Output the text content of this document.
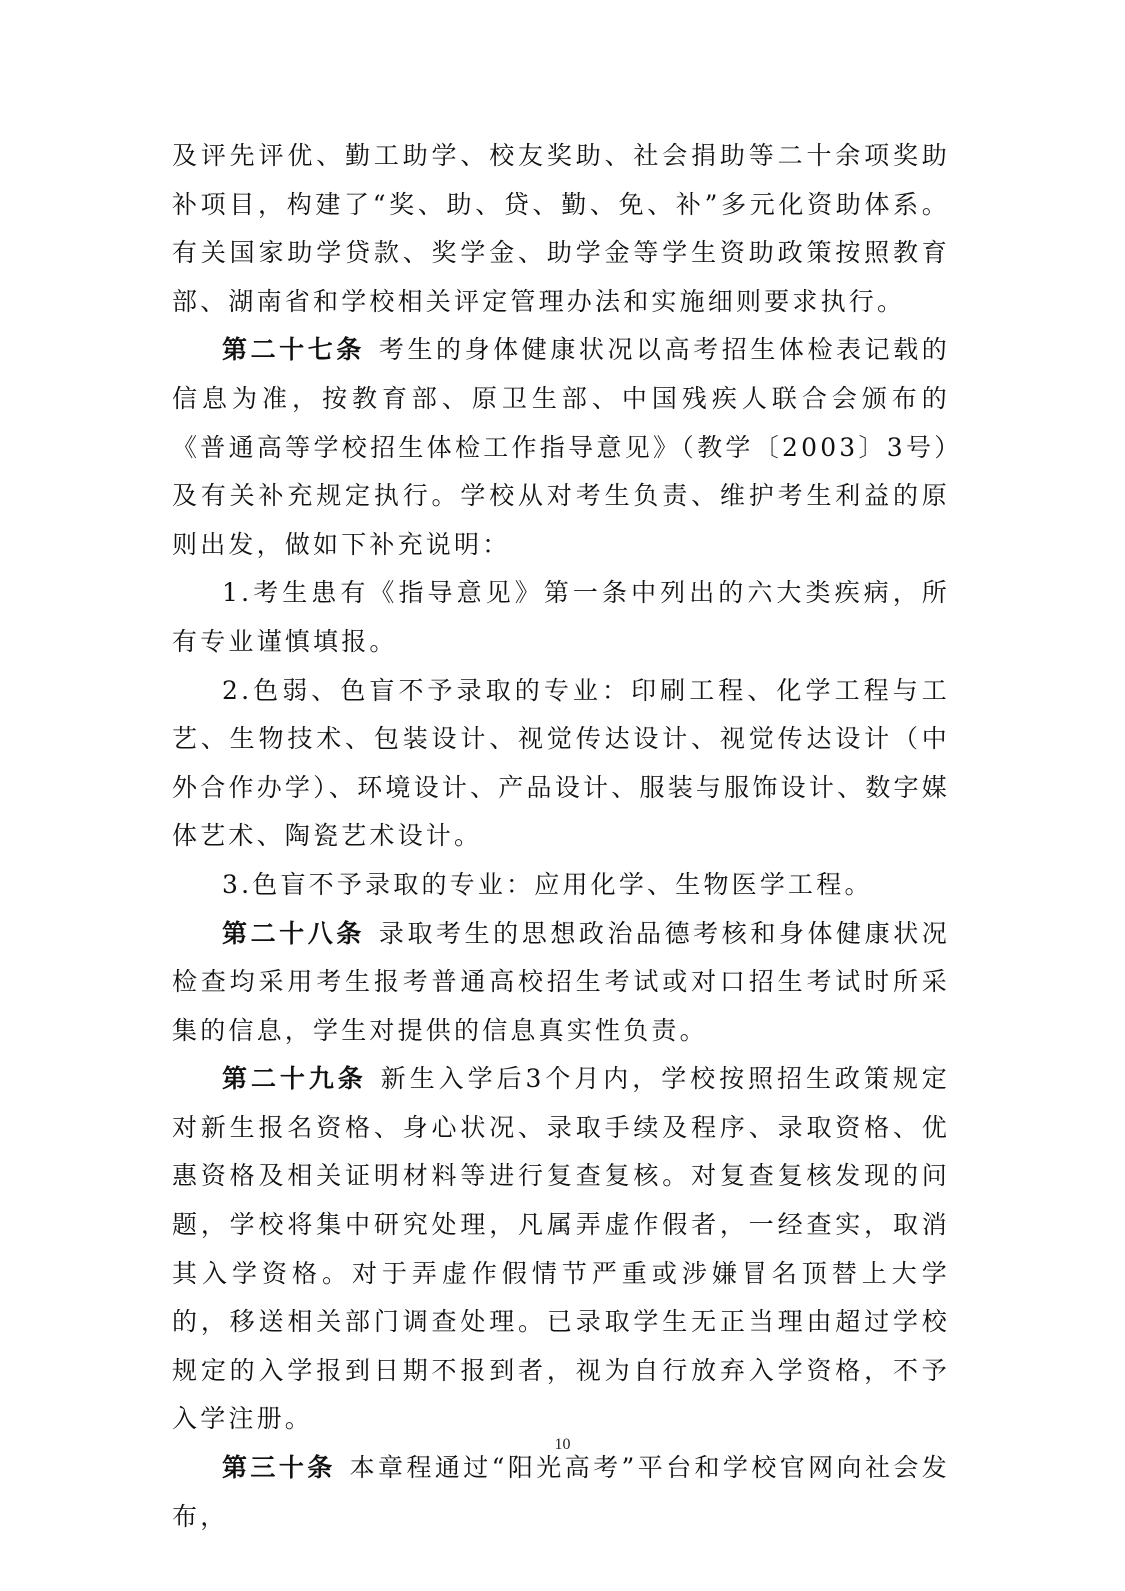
及评先评优、勤工助学、校友奖助、社会捐助等二十余项奖助补项目，构建了“奖、助、贷、勤、免、补”多元化资助体系。有关国家助学贷款、奖学金、助学金等学生资助政策按照教育部、湖南省和学校相关评定管理办法和实施细则要求执行。

第二十七条 考生的身体健康状况以高考招生体检表记载的信息为准，按教育部、原卫生部、中国残疾人联合会颁布的《普通高等学校招生体检工作指导意见》（教学〔2003〕3号）及有关补充规定执行。学校从对考生负责、维护考生利益的原则出发，做如下补充说明：

1.考生患有《指导意见》第一条中列出的六大类疾病，所有专业谨慎填报。

2.色弱、色盲不予录取的专业：印刷工程、化学工程与工艺、生物技术、包装设计、视觉传达设计、视觉传达设计（中外合作办学）、环境设计、产品设计、服装与服饰设计、数字媒体艺术、陶瓷艺术设计。

3.色盲不予录取的专业：应用化学、生物医学工程。

第二十八条 录取考生的思想政治品德考核和身体健康状况检查均采用考生报考普通高校招生考试或对口招生考试时所采集的信息，学生对提供的信息真实性负责。

第二十九条 新生入学后3个月内，学校按照招生政策规定对新生报名资格、身心状况、录取手续及程序、录取资格、优惠资格及相关证明材料等进行复查复核。对复查复核发现的问题，学校将集中研究处理，凡属弄虚作假者，一经查实，取消其入学资格。对于弄虚作假情节严重或涉嫌冒名顶替上大学的，移送相关部门调查处理。已录取学生无正当理由超过学校规定的入学报到日期不报到者，视为自行放弃入学资格，不予入学注册。

第三十条 本章程通过“阳光高考”平台和学校官网向社会发布，

10
